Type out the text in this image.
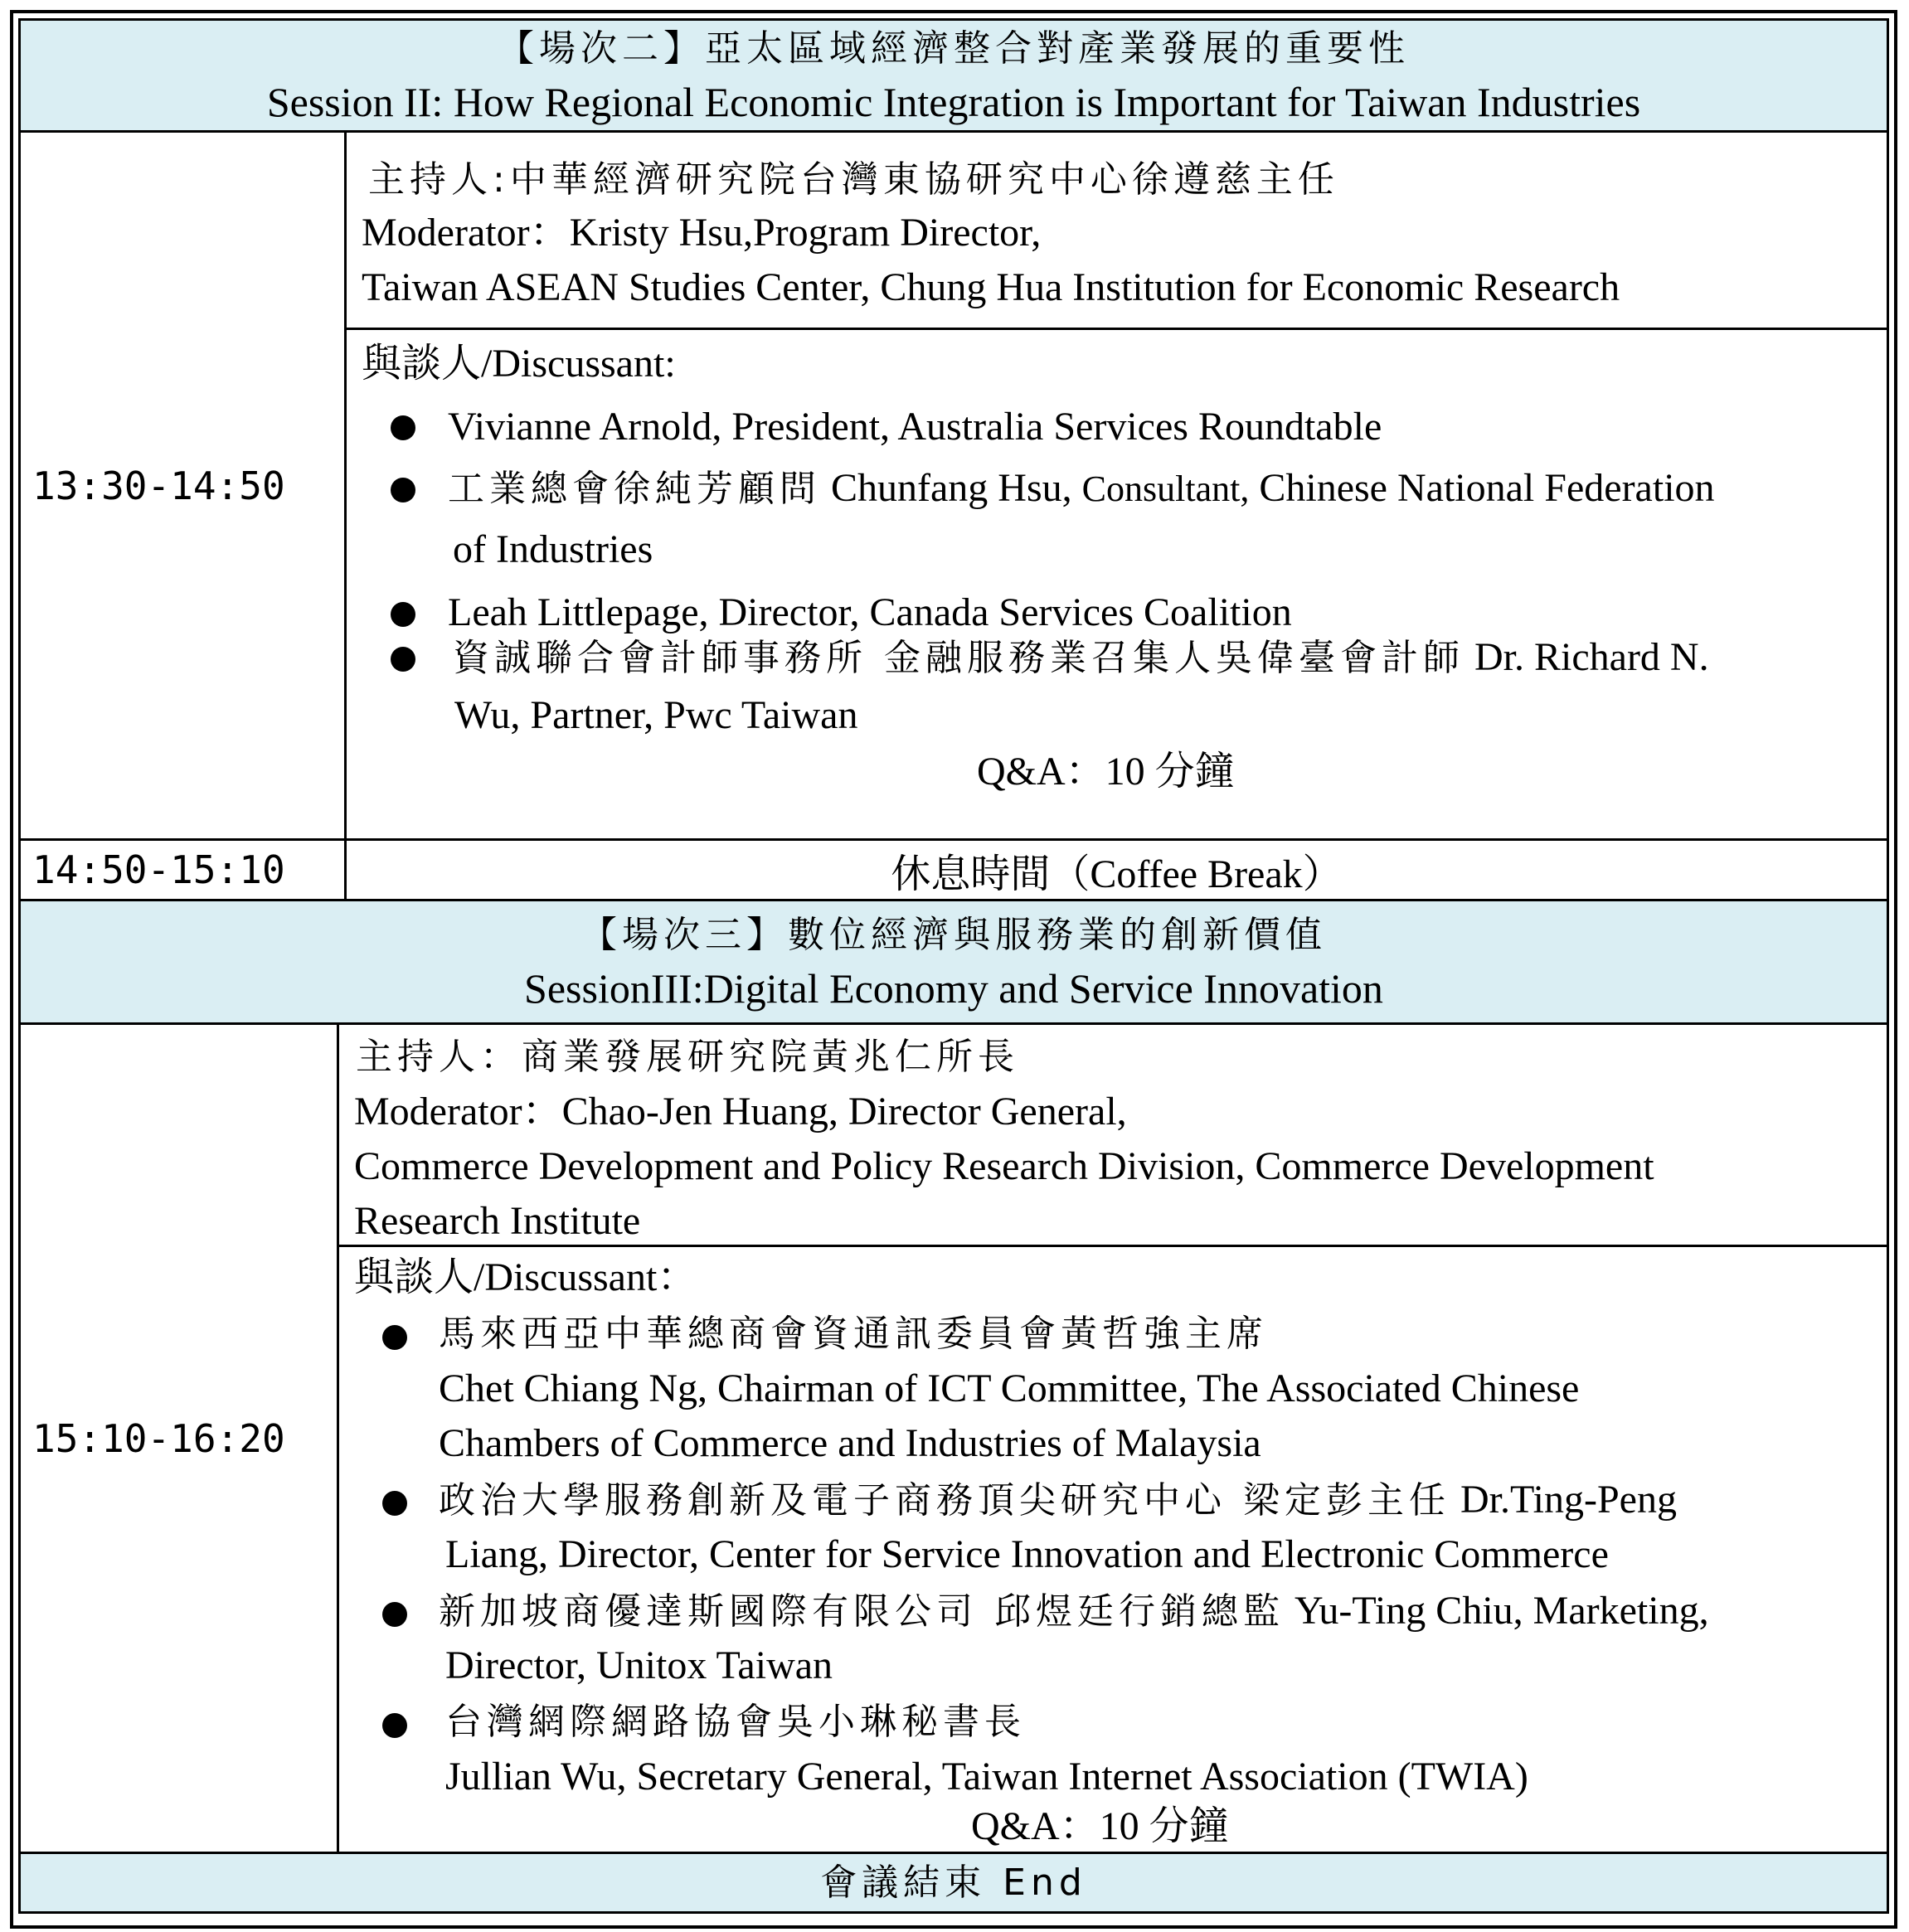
【場次二】亞太區域經濟整合對產業發展的重要性
Session II: How Regional Economic Integration is Important for Taiwan Industries
13:30-14:50
主持人:中華經濟研究院台灣東協研究中心徐遵慈主任
Moderator：Kristy Hsu,Program Director,
Taiwan ASEAN Studies Center, Chung Hua Institution for Economic Research
與談人/Discussant:
Vivianne Arnold, President, Australia Services Roundtable
工業總會徐純芳顧問 Chunfang Hsu, Consultant, Chinese National Federation
of Industries
Leah Littlepage, Director, Canada Services Coalition
資誠聯合會計師事務所 金融服務業召集人吳偉臺會計師 Dr. Richard N.
Wu, Partner, Pwc Taiwan
Q&A：10 分鐘
14:50-15:10	休息時間（Coffee Break）
【場次三】數位經濟與服務業的創新價值
SessionIII:Digital Economy and Service Innovation
15:10-16:20
主持人：商業發展研究院黃兆仁所長
Moderator：Chao-Jen Huang, Director General,
Commerce Development and Policy Research Division, Commerce Development
Research Institute
與談人/Discussant：
馬來西亞中華總商會資通訊委員會黃哲強主席
Chet Chiang Ng, Chairman of ICT Committee, The Associated Chinese
Chambers of Commerce and Industries of Malaysia
政治大學服務創新及電子商務頂尖研究中心 梁定彭主任 Dr.Ting-Peng
Liang, Director, Center for Service Innovation and Electronic Commerce
新加坡商優達斯國際有限公司 邱煜廷行銷總監 Yu-Ting Chiu, Marketing,
Director, Unitox Taiwan
台灣網際網路協會吳小琳秘書長
Jullian Wu, Secretary General, Taiwan Internet Association (TWIA)
Q&A：10 分鐘
會議結束 End
